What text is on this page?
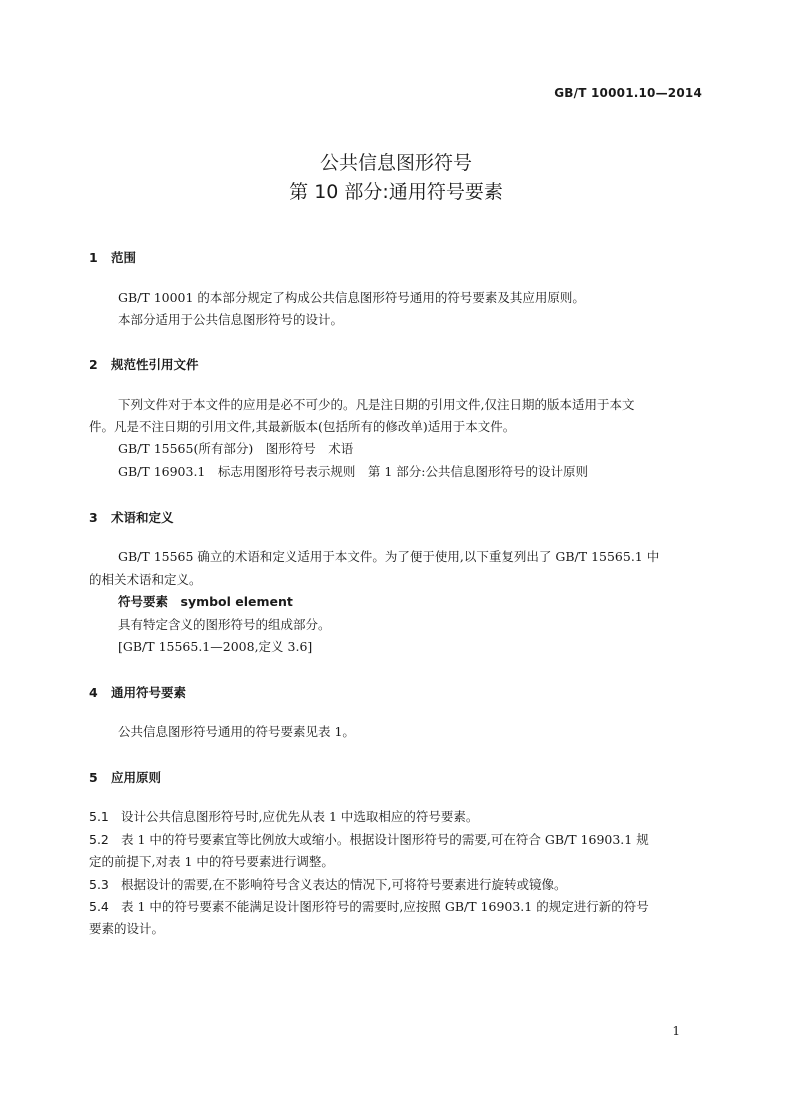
GB/T 10001.10—2014
公共信息图形符号
第 10 部分:通用符号要素
1 范围
GB/T 10001 的本部分规定了构成公共信息图形符号通用的符号要素及其应用原则。
本部分适用于公共信息图形符号的设计。
2 规范性引用文件
下列文件对于本文件的应用是必不可少的。凡是注日期的引用文件,仅注日期的版本适用于本文
件。凡是不注日期的引用文件,其最新版本(包括所有的修改单)适用于本文件。
GB/T 15565(所有部分)　图形符号　术语
GB/T 16903.1　标志用图形符号表示规则　第 1 部分:公共信息图形符号的设计原则
3 术语和定义
GB/T 15565 确立的术语和定义适用于本文件。为了便于使用,以下重复列出了 GB/T 15565.1 中
的相关术语和定义。
符号要素　symbol element
具有特定含义的图形符号的组成部分。
[GB/T 15565.1—2008,定义 3.6]
4 通用符号要素
公共信息图形符号通用的符号要素见表 1。
5 应用原则
5.1 设计公共信息图形符号时,应优先从表 1 中选取相应的符号要素。
5.2 表 1 中的符号要素宜等比例放大或缩小。根据设计图形符号的需要,可在符合 GB/T 16903.1 规
定的前提下,对表 1 中的符号要素进行调整。
5.3 根据设计的需要,在不影响符号含义表达的情况下,可将符号要素进行旋转或镜像。
5.4 表 1 中的符号要素不能满足设计图形符号的需要时,应按照 GB/T 16903.1 的规定进行新的符号
要素的设计。
1
